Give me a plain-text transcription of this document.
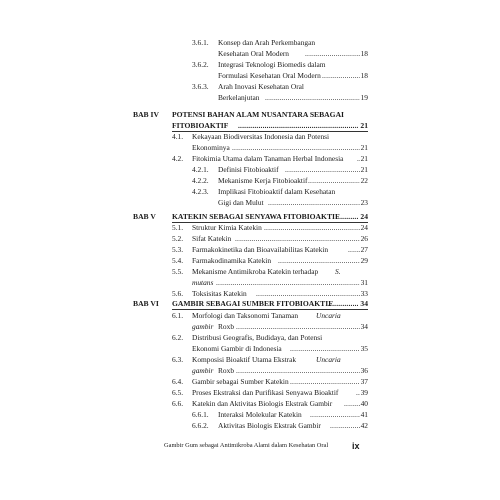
3.6.1. Konsep dan Arah Perkembangan
Kesehatan Oral Modern .....	18
3.6.2. Integrasi Teknologi Biomedis dalam
Formulasi Kesehatan Oral Modern .....	18
3.6.3. Arah Inovasi Kesehatan Oral
Berkelanjutan .....	19
BAB IV POTENSI BAHAN ALAM NUSANTARA SEBAGAI
FITOBIOAKTIF .....	21
4.1. Kekayaan Biodiversitas Indonesia dan Potensi
Ekonominya .....	21
4.2. Fitokimia Utama dalam Tanaman Herbal Indonesia ..... 21
4.2.1. Definisi Fitobioaktif .....	21
4.2.2. Mekanisme Kerja Fitobioaktif .....	22
4.2.3. Implikasi Fitobioaktif dalam Kesehatan
Gigi dan Mulut .....	23
BAB V KATEKIN SEBAGAI SENYAWA FITOBIOAKTIF .....	24
5.1. Struktur Kimia Katekin .....	24
5.2. Sifat Katekin .....	26
5.3. Farmakokinetika dan Bioavailabilitas Katekin .....	27
5.4. Farmakodinamika Katekin .....	29
5.5. Mekanisme Antimikroba Katekin terhadap S.
mutans .....	31
5.6. Toksisitas Katekin .....	33
BAB VI GAMBIR SEBAGAI SUMBER FITOBIOAKTIF .....	34
6.1. Morfologi dan Taksonomi Tanaman Uncaria
gambir Roxb .....	34
6.2. Distribusi Geografis, Budidaya, dan Potensi
Ekonomi Gambir di Indonesia .....	35
6.3. Komposisi Bioaktif Utama Ekstrak	Uncaria
gambir Roxb .....	36
6.4. Gambir sebagai Sumber Katekin .....	37
6.5. Proses Ekstraksi dan Purifikasi Senyawa Bioaktif .....	39
6.6. Katekin dan Aktivitas Biologis Ekstrak Gambir .....	40
6.6.1. Interaksi Molekular Katekin .....	41
6.6.2. Aktivitas Biologis Ekstrak Gambir .....	42
Gambir Gum sebagai Antimikroba Alami dalam Kesehatan Oral	ix
